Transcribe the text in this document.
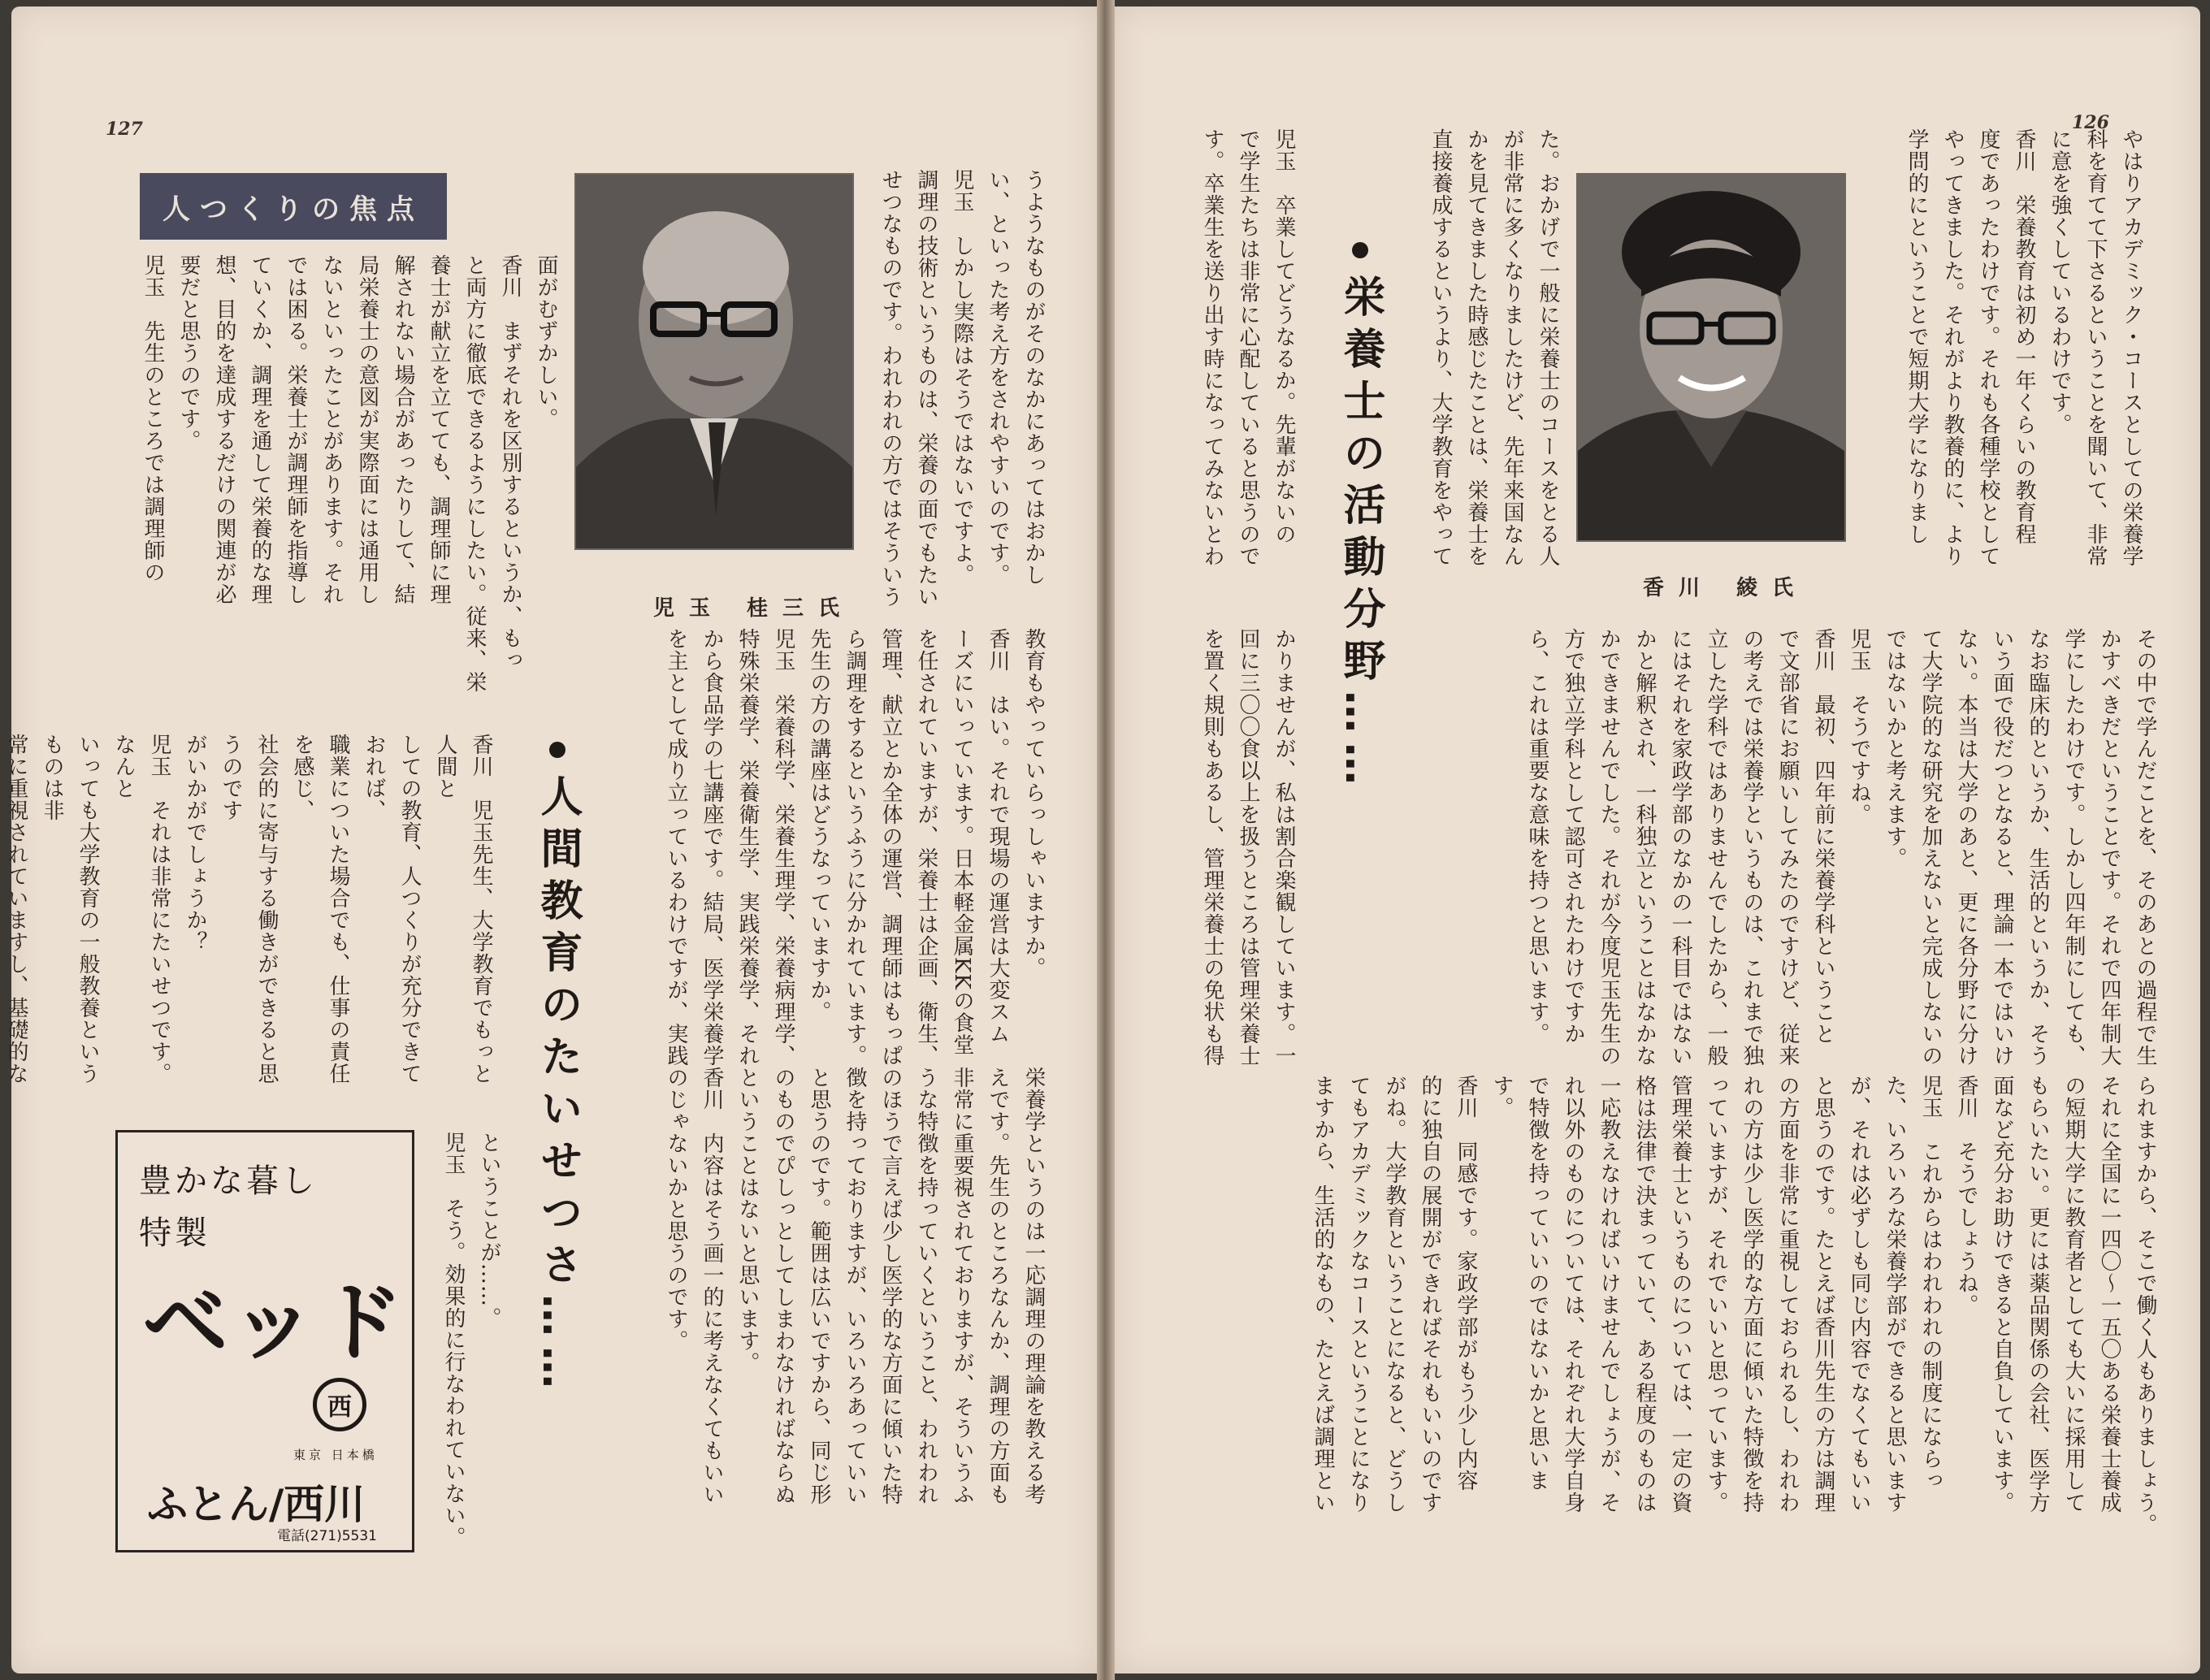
127
人つくりの焦点
面がむずかしい。
香川　まずそれを区別するというか、もっ
と両方に徹底できるようにしたい。従来、栄
養士が献立を立てても、調理師に理
解されない場合があったりして、結
局栄養士の意図が実際面には通用し
ないといったことがあります。それ
では困る。栄養士が調理師を指導し
ていくか、調理を通して栄養的な理
想、目的を達成するだけの関連が必
要だと思うのです。
児玉　先生のところでは調理師の
児玉 桂三氏
うようなものがそのなかにあってはおかし
い、といった考え方をされやすいのです。
児玉　しかし実際はそうではないですよ。
調理の技術というものは、栄養の面でもたい
せつなものです。われわれの方ではそういう
人間教育のたいせつさ……
香川　児玉先生、大学教育でもっと人間と
しての教育、人つくりが充分できておれば、
職業についた場合でも、仕事の責任を感じ、
社会的に寄与する働きができると思うのです
がいかがでしょうか？
児玉　それは非常にたいせつです。なんと
いっても大学教育の一般教養というものは非
常に重視されていますし、基礎的な

教育もやっていらっしゃいますか。
香川　はい。それで現場の運営は大変スム
ーズにいっています。日本軽金属KKの食堂
を任されていますが、栄養士は企画、衛生、
管理、献立とか全体の運営、調理師はもっぱ
ら調理をするというふうに分かれています。
先生の方の講座はどうなっていますか。
児玉　栄養科学、栄養生理学、栄養病理学、
特殊栄養学、栄養衛生学、実践栄養学、それ
から食品学の七講座です。結局、医学栄養学
を主として成り立っているわけですが、実践
栄養学というのは一応調理の理論を教える考
えです。先生のところなんか、調理の方面も
非常に重要視されておりますが、そういうふ
うな特徴を持っていくということ、われわれ
のほうで言えば少し医学的な方面に傾いた特
徴を持っておりますが、いろいろあっていい
と思うのです。範囲は広いですから、同じ形
のものでぴしっとしてしまわなければならぬ
ということはないと思います。
香川　内容はそう画一的に考えなくてもいい
のじゃないかと思うのです。
ということが……。
児玉　そう。効果的に行なわれていない。
豊かな暮し
特製
ベッド
西
東京 日本橋
ふとん/西川
電話(271)5531
126
やはりアカデミック・コースとしての栄養学
科を育てて下さるということを聞いて、非常
に意を強くしているわけです。
香川　栄養教育は初め一年くらいの教育程
度であったわけです。それも各種学校として
やってきました。それがより教養的に、より
学問的にということで短期大学になりまし
香川 綾氏
た。おかげで一般に栄養士のコースをとる人
が非常に多くなりましたけど、先年来国なん
かを見てきました時感じたことは、栄養士を
直接養成するというより、大学教育をやって
栄養士の活動分野……
児玉　卒業してどうなるか。先輩がないの
で学生たちは非常に心配していると思うので
す。卒業生を送り出す時になってみないとわ
その中で学んだことを、そのあとの過程で生
かすべきだということです。それで四年制大
学にしたわけです。しかし四年制にしても、
なお臨床的というか、生活的というか、そう
いう面で役だつとなると、理論一本ではいけ
ない。本当は大学のあと、更に各分野に分け
て大学院的な研究を加えないと完成しないの
ではないかと考えます。
児玉　そうですね。
香川　最初、四年前に栄養学科ということ
で文部省にお願いしてみたのですけど、従来
の考えでは栄養学というものは、これまで独
立した学科ではありませんでしたから、一般
にはそれを家政学部のなかの一科目ではない
かと解釈され、一科独立ということはなかな
かできませんでした。それが今度児玉先生の
方で独立学科として認可されたわけですか
ら、これは重要な意味を持つと思います。
かりませんが、私は割合楽観しています。一
回に三〇〇食以上を扱うところは管理栄養士
を置く規則もあるし、管理栄養士の免状も得
られますから、そこで働く人もありましょう。
それに全国に一四〇〜一五〇ある栄養士養成
の短期大学に教育者としても大いに採用して
もらいたい。更には薬品関係の会社、医学方
面など充分お助けできると自負しています。
香川　そうでしょうね。
児玉　これからはわれわれの制度にならっ
た、いろいろな栄養学部ができると思います
が、それは必ずしも同じ内容でなくてもいい
と思うのです。たとえば香川先生の方は調理
の方面を非常に重視しておられるし、われわ
れの方は少し医学的な方面に傾いた特徴を持
っていますが、それでいいと思っています。
管理栄養士というものについては、一定の資
格は法律で決まっていて、ある程度のものは
一応教えなければいけませんでしょうが、そ
れ以外のものについては、それぞれ大学自身
で特徴を持っていいのではないかと思いま
す。
香川　同感です。家政学部がもう少し内容
的に独自の展開ができればそれもいいのです
がね。大学教育ということになると、どうし
てもアカデミックなコースということになり
ますから、生活的なもの、たとえば調理とい
